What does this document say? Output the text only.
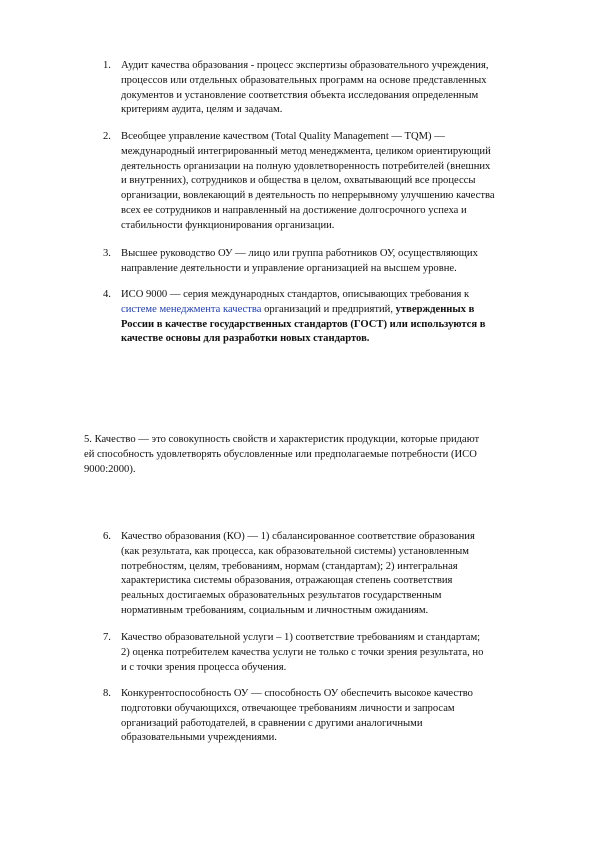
1. Аудит качества образования - процесс экспертизы образовательного учреждения,
процессов или отдельных образовательных программ на основе представленных
документов и установление соответствия объекта исследования определенным
критериям аудита, целям и задачам.
2. Всеобщее управление качеством (Total Quality Management — TQM) —
международный интегрированный метод менеджмента, целиком ориентирующий
деятельность организации на полную удовлетворенность потребителей (внешних
и внутренних), сотрудников и общества в целом, охватывающий все процессы
организации, вовлекающий в деятельность по непрерывному улучшению качества
всех ее сотрудников и направленный на достижение долгосрочного успеха и
стабильности функционирования организации.
3. Высшее руководство ОУ — лицо или группа работников ОУ, осуществляющих
направление деятельности и управление организацией на высшем уровне.
4. ИСО 9000 — серия международных стандартов, описывающих требования к
системе менеджмента качества организаций и предприятий, утвержденных в
России в качестве государственных стандартов (ГОСТ) или используются в
качестве основы для разработки новых стандартов.
5. Качество — это совокупность свойств и характеристик продукции, которые придают
ей способность удовлетворять обусловленные или предполагаемые потребности (ИСО
9000:2000).
6. Качество образования (КО) — 1) сбалансированное соответствие образования
(как результата, как процесса, как образовательной системы) установленным
потребностям, целям, требованиям, нормам (стандартам); 2) интегральная
характеристика системы образования, отражающая степень соответствия
реальных достигаемых образовательных результатов государственным
нормативным требованиям, социальным и личностным ожиданиям.
7. Качество образовательной услуги – 1) соответствие требованиям и стандартам;
2) оценка потребителем качества услуги не только с точки зрения результата, но
и с точки зрения процесса обучения.
8. Конкурентоспособность ОУ — способность ОУ обеспечить высокое качество
подготовки обучающихся, отвечающее требованиям личности и запросам
организаций работодателей, в сравнении с другими аналогичными
образовательными учреждениями.
